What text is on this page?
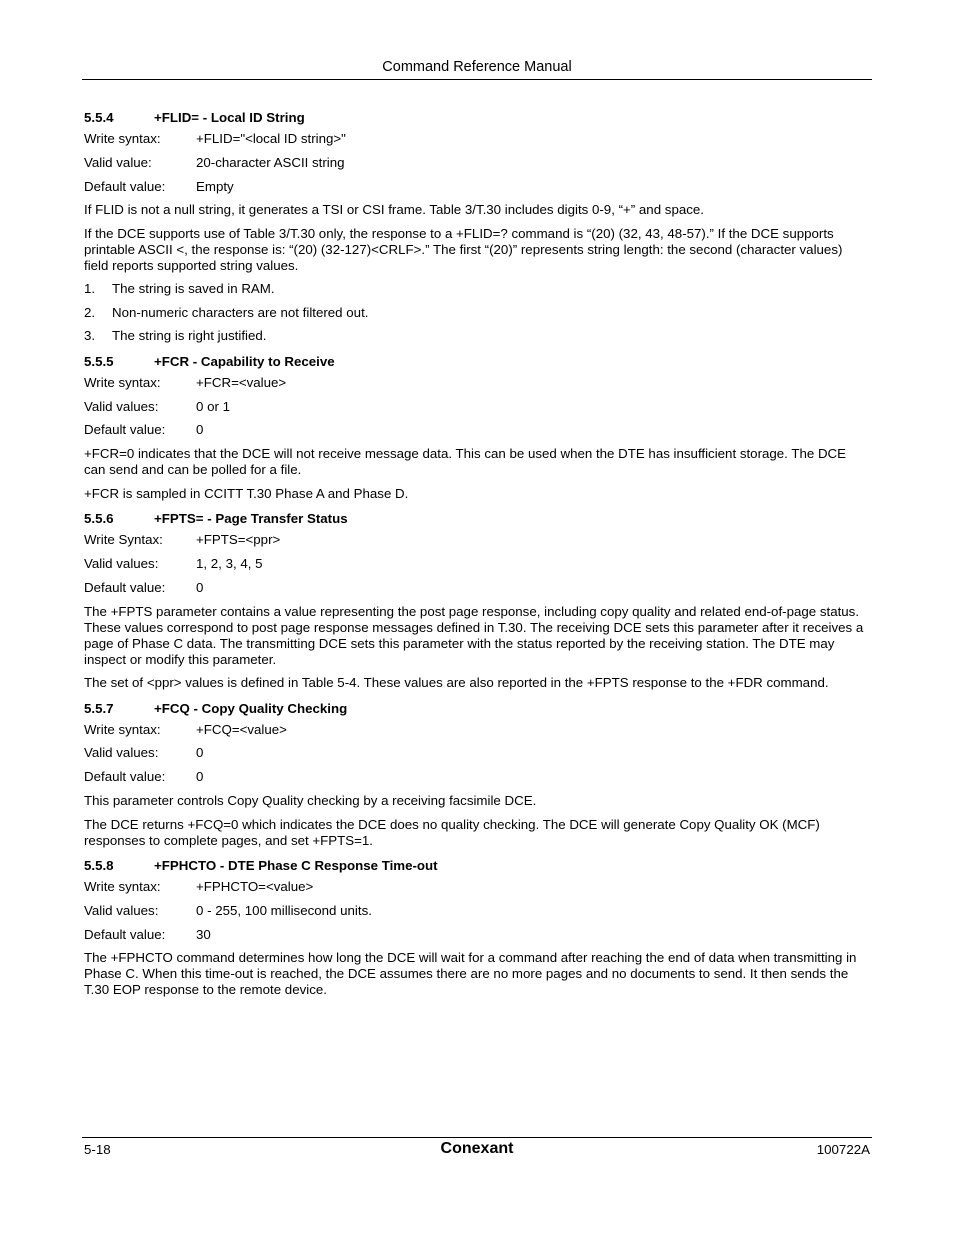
Command Reference Manual
5.5.4	+FLID= - Local ID String
Write syntax:	+FLID="<local ID string>"
Valid value:	20-character ASCII string
Default value:	Empty

If FLID is not a null string, it generates a TSI or CSI frame. Table 3/T.30 includes digits 0-9, “+” and space.

If the DCE supports use of Table 3/T.30 only, the response to a +FLID=? command is “(20) (32, 43, 48-57).” If the DCE supports printable ASCII <, the response is: “(20) (32-127)<CRLF>.” The first “(20)” represents string length: the second (character values) field reports supported string values.

1.	The string is saved in RAM.
2.	Non-numeric characters are not filtered out.
3.	The string is right justified.
5.5.5	+FCR - Capability to Receive
Write syntax:	+FCR=<value>
Valid values:	0 or 1
Default value:	0

+FCR=0 indicates that the DCE will not receive message data. This can be used when the DTE has insufficient storage. The DCE can send and can be polled for a file.

+FCR is sampled in CCITT T.30 Phase A and Phase D.

5.5.6	+FPTS= - Page Transfer Status
Write Syntax:	+FPTS=<ppr>
Valid values:	1, 2, 3, 4, 5
Default value:	0

The +FPTS parameter contains a value representing the post page response, including copy quality and related end-of-page status. These values correspond to post page response messages defined in T.30. The receiving DCE sets this parameter after it receives a page of Phase C data. The transmitting DCE sets this parameter with the status reported by the receiving station. The DTE may inspect or modify this parameter.

The set of <ppr> values is defined in Table 5-4. These values are also reported in the +FPTS response to the +FDR command.

5.5.7	+FCQ - Copy Quality Checking
Write syntax:	+FCQ=<value>
Valid values:	0
Default value:	0

This parameter controls Copy Quality checking by a receiving facsimile DCE.

The DCE returns +FCQ=0 which indicates the DCE does no quality checking. The DCE will generate Copy Quality OK (MCF) responses to complete pages, and set +FPTS=1.

5.5.8	+FPHCTO - DTE Phase C Response Time-out
Write syntax:	+FPHCTO=<value>
Valid values:	0 - 255, 100 millisecond units.
Default value:	30

The +FPHCTO command determines how long the DCE will wait for a command after reaching the end of data when transmitting in Phase C. When this time-out is reached, the DCE assumes there are no more pages and no documents to send. It then sends the T.30 EOP response to the remote device.

5-18	Conexant	100722A
